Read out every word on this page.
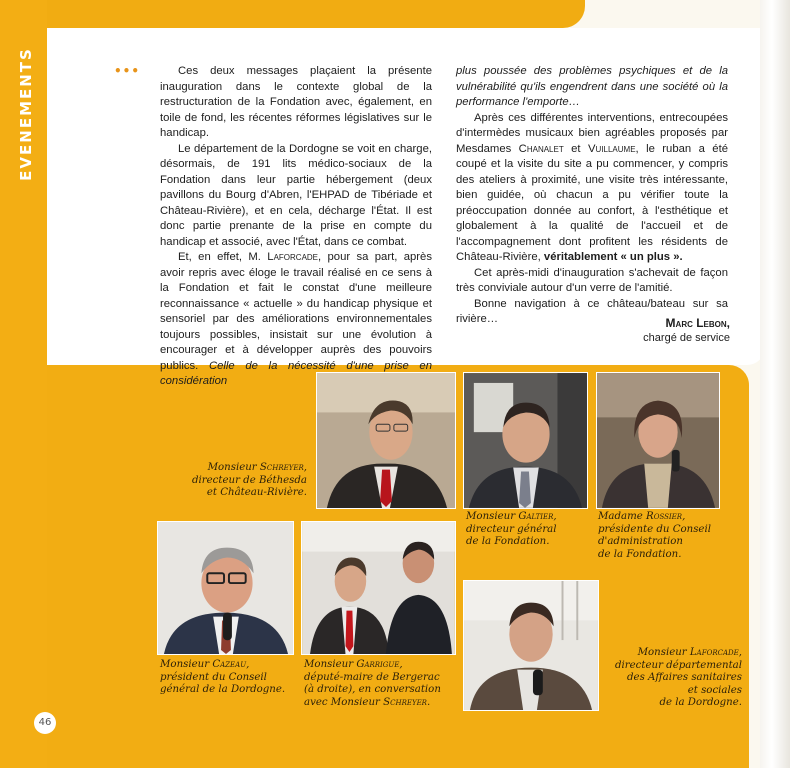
EVENEMENTS	•••	Ces deux messages plaçaient la présente inauguration dans le contexte global de la restructuration de la Fondation avec, également, en toile de fond, les récentes réformes législatives sur le handicap.

Le département de la Dordogne se voit en charge, désormais, de 191 lits médico-sociaux de la Fondation dans leur partie hébergement (deux pavillons du Bourg d'Abren, l'EHPAD de Tibériade et Château-Rivière), et en cela, décharge l'État. Il est donc partie prenante de la prise en compte du handicap et associé, avec l'État, dans ce combat.

Et, en effet, M. Laforcade, pour sa part, après avoir repris avec éloge le travail réalisé en ce sens à la Fondation et fait le constat d'une meilleure reconnaissance « actuelle » du handicap physique et sensoriel par des améliorations environnementales toujours possibles, insistait sur une évolution à encourager et à développer auprès des pouvoirs publics. Celle de la nécessité d'une prise en considération

plus poussée des problèmes psychiques et de la vulnérabilité qu'ils engendrent dans une société où la performance l'emporte…

Après ces différentes interventions, entrecoupées d'intermèdes musicaux bien agréables proposés par Mesdames Chanalet et Vuillaume, le ruban a été coupé et la visite du site a pu commencer, y compris des ateliers à proximité, une visite très intéressante, bien guidée, où chacun a pu vérifier toute la préoccupation donnée au confort, à l'esthétique et globalement à la qualité de l'accueil et de l'accompagnement dont profitent les résidents de Château-Rivière, véritablement « un plus ».

Cet après-midi d'inauguration s'achevait de façon très conviviale autour d'un verre de l'amitié.

Bonne navigation à ce château/bateau sur sa rivière…	Marc Lebon,
chargé de service
Monsieur Schreyer,
directeur de Béthesda
et Château-Rivière.
Monsieur Galtier,
directeur général
de la Fondation.
Madame Rossier,
présidente du Conseil
d'administration
de la Fondation.
Monsieur Cazeau,
président du Conseil
général de la Dordogne.
Monsieur Garrigue,
député-maire de Bergerac
(à droite), en conversation
avec Monsieur Schreyer.
Monsieur Laforcade,
directeur départemental
des Affaires sanitaires
et sociales
de la Dordogne.
46
